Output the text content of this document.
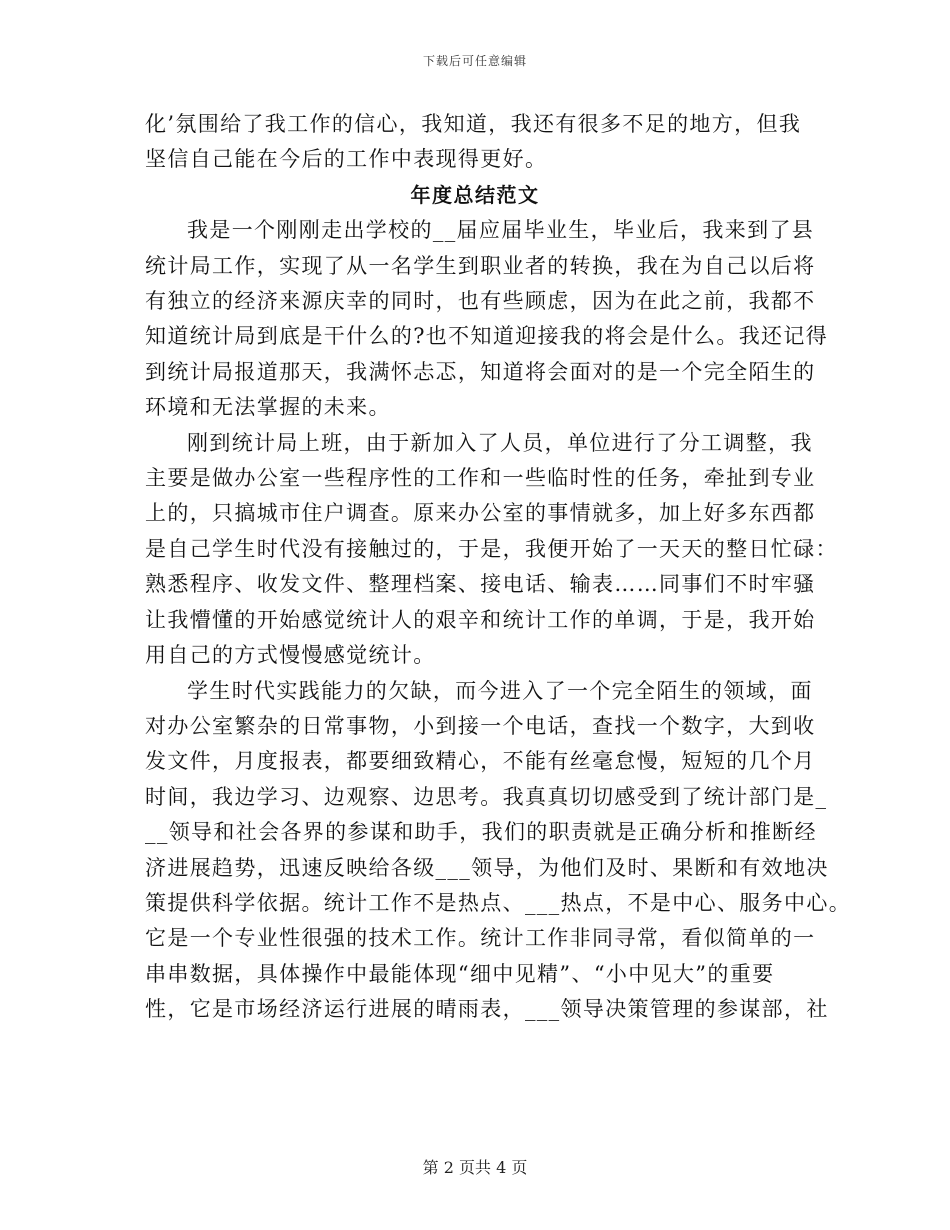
下载后可任意编辑
化’氛围给了我工作的信心，我知道，我还有很多不足的地方，但我
坚信自己能在今后的工作中表现得更好。
年度总结范文
我是一个刚刚走出学校的__届应届毕业生，毕业后，我来到了县
统计局工作，实现了从一名学生到职业者的转换，我在为自己以后将
有独立的经济来源庆幸的同时，也有些顾虑，因为在此之前，我都不
知道统计局到底是干什么的?也不知道迎接我的将会是什么。我还记得
到统计局报道那天，我满怀忐忑，知道将会面对的是一个完全陌生的
环境和无法掌握的未来。
刚到统计局上班，由于新加入了人员，单位进行了分工调整，我
主要是做办公室一些程序性的工作和一些临时性的任务，牵扯到专业
上的，只搞城市住户调查。原来办公室的事情就多，加上好多东西都
是自己学生时代没有接触过的，于是，我便开始了一天天的整日忙碌：
熟悉程序、收发文件、整理档案、接电话、输表……同事们不时牢骚
让我懵懂的开始感觉统计人的艰辛和统计工作的单调，于是，我开始
用自己的方式慢慢感觉统计。
学生时代实践能力的欠缺，而今进入了一个完全陌生的领域，面
对办公室繁杂的日常事物，小到接一个电话，查找一个数字，大到收
发文件，月度报表，都要细致精心，不能有丝毫怠慢，短短的几个月
时间，我边学习、边观察、边思考。我真真切切感受到了统计部门是_
__领导和社会各界的参谋和助手，我们的职责就是正确分析和推断经
济进展趋势，迅速反映给各级___领导，为他们及时、果断和有效地决
策提供科学依据。统计工作不是热点、___热点，不是中心、服务中心。
它是一个专业性很强的技术工作。统计工作非同寻常，看似简单的一
串串数据，具体操作中最能体现“细中见精”、“小中见大”的重要
性，它是市场经济运行进展的晴雨表，___领导决策管理的参谋部，社
第 2 页共 4 页
